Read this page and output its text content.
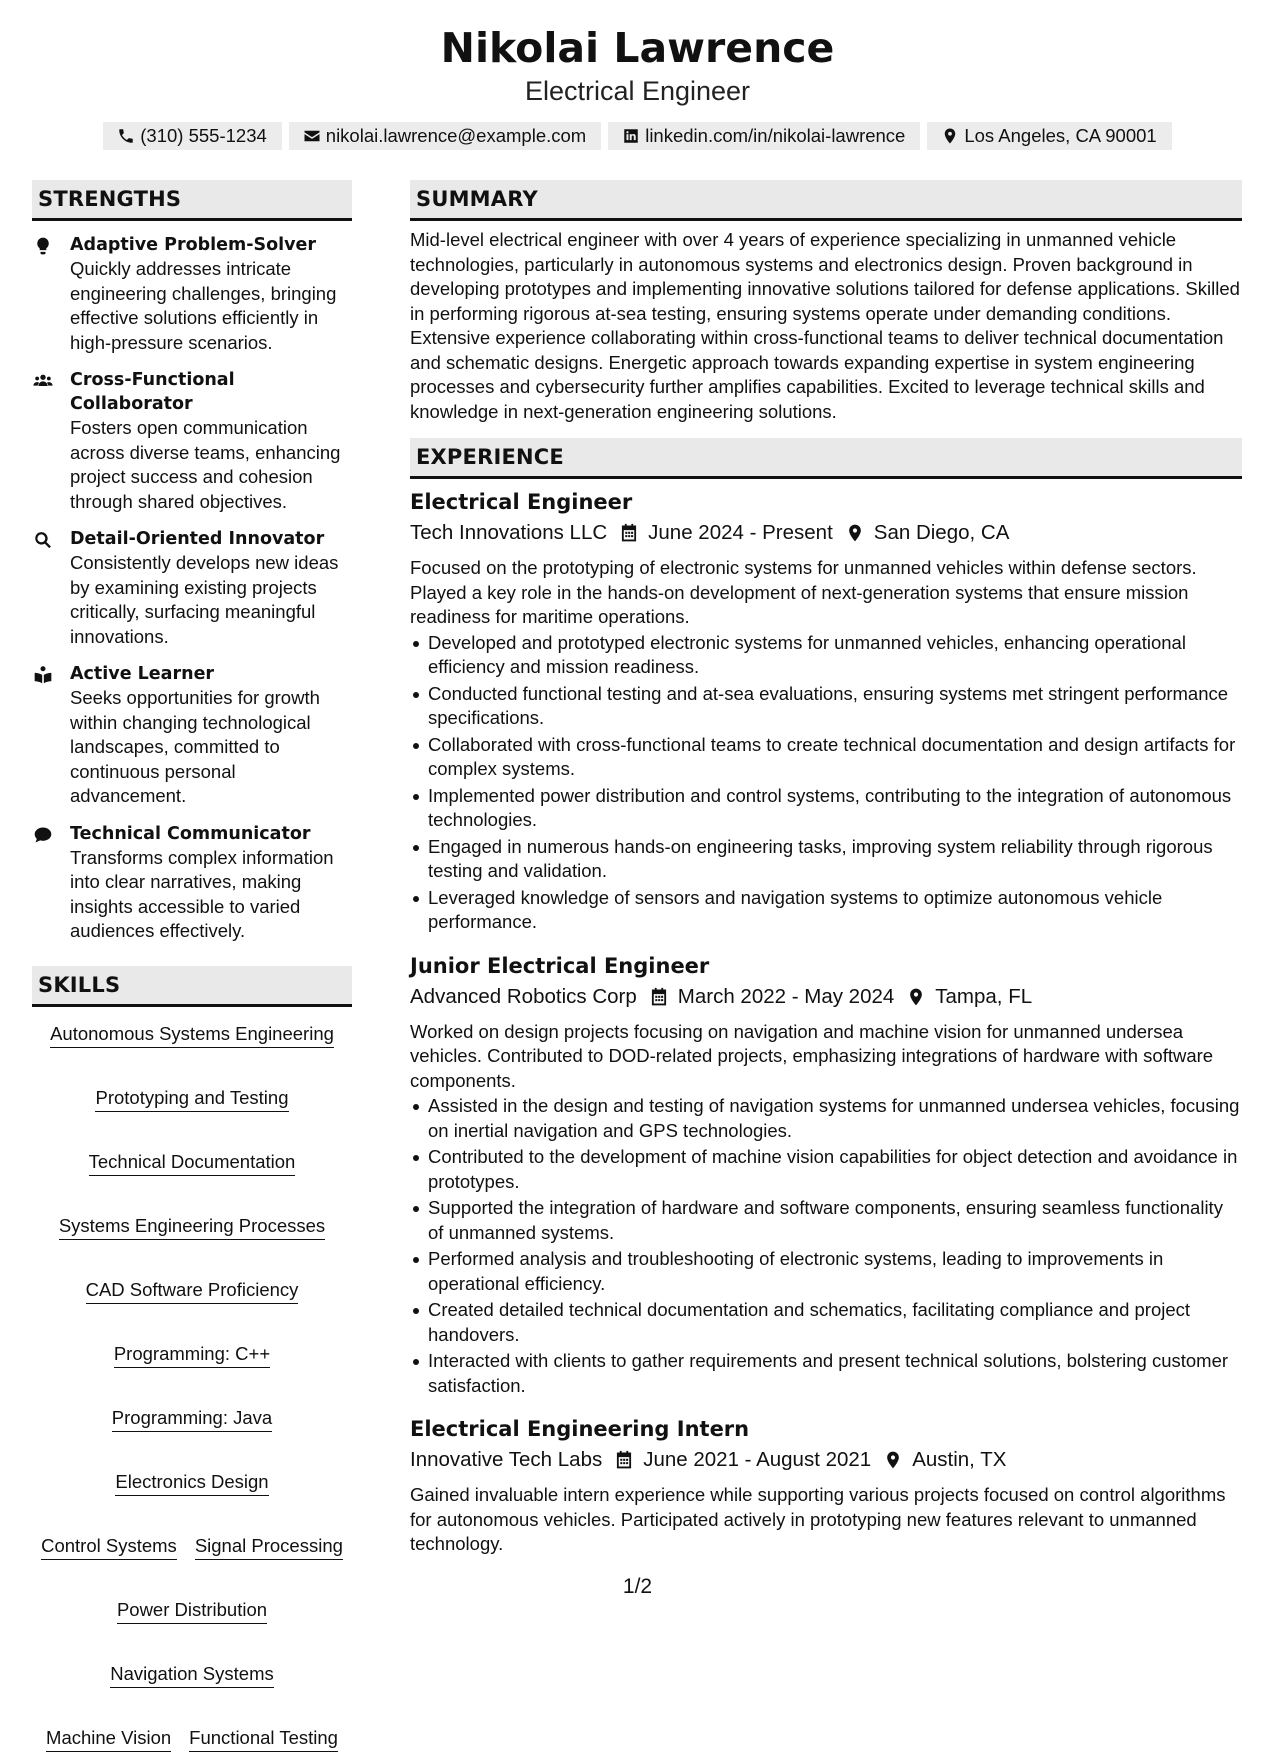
Nikolai Lawrence
Electrical Engineer
(310) 555-1234	nikolai.lawrence@example.com	linkedin.com/in/nikolai-lawrence	Los Angeles, CA 90001
STRENGTHS
Adaptive Problem-Solver
Quickly addresses intricate engineering challenges, bringing effective solutions efficiently in high-pressure scenarios.
Cross-Functional Collaborator
Fosters open communication across diverse teams, enhancing project success and cohesion through shared objectives.
Detail-Oriented Innovator
Consistently develops new ideas by examining existing projects critically, surfacing meaningful innovations.
Active Learner
Seeks opportunities for growth within changing technological landscapes, committed to continuous personal advancement.
Technical Communicator
Transforms complex information into clear narratives, making insights accessible to varied audiences effectively.
SKILLS
Autonomous Systems Engineering
Prototyping and Testing
Technical Documentation
Systems Engineering Processes
CAD Software Proficiency
Programming: C++
Programming: Java
Electronics Design
Control Systems Signal Processing
Power Distribution
Navigation Systems
Machine Vision Functional Testing
SUMMARY
Mid-level electrical engineer with over 4 years of experience specializing in unmanned vehicle technologies, particularly in autonomous systems and electronics design. Proven background in developing prototypes and implementing innovative solutions tailored for defense applications. Skilled in performing rigorous at-sea testing, ensuring systems operate under demanding conditions. Extensive experience collaborating within cross-functional teams to deliver technical documentation and schematic designs. Energetic approach towards expanding expertise in system engineering processes and cybersecurity further amplifies capabilities. Excited to leverage technical skills and knowledge in next-generation engineering solutions.
EXPERIENCE
Electrical Engineer
Tech Innovations LLC June 2024 - Present San Diego, CA
Focused on the prototyping of electronic systems for unmanned vehicles within defense sectors. Played a key role in the hands-on development of next-generation systems that ensure mission readiness for maritime operations.
Developed and prototyped electronic systems for unmanned vehicles, enhancing operational efficiency and mission readiness.
Conducted functional testing and at-sea evaluations, ensuring systems met stringent performance specifications.
Collaborated with cross-functional teams to create technical documentation and design artifacts for complex systems.
Implemented power distribution and control systems, contributing to the integration of autonomous technologies.
Engaged in numerous hands-on engineering tasks, improving system reliability through rigorous testing and validation.
Leveraged knowledge of sensors and navigation systems to optimize autonomous vehicle performance.
Junior Electrical Engineer
Advanced Robotics Corp March 2022 - May 2024 Tampa, FL
Worked on design projects focusing on navigation and machine vision for unmanned undersea vehicles. Contributed to DOD-related projects, emphasizing integrations of hardware with software components.
Assisted in the design and testing of navigation systems for unmanned undersea vehicles, focusing on inertial navigation and GPS technologies.
Contributed to the development of machine vision capabilities for object detection and avoidance in prototypes.
Supported the integration of hardware and software components, ensuring seamless functionality of unmanned systems.
Performed analysis and troubleshooting of electronic systems, leading to improvements in operational efficiency.
Created detailed technical documentation and schematics, facilitating compliance and project handovers.
Interacted with clients to gather requirements and present technical solutions, bolstering customer satisfaction.
Electrical Engineering Intern
Innovative Tech Labs June 2021 - August 2021 Austin, TX
Gained invaluable intern experience while supporting various projects focused on control algorithms for autonomous vehicles. Participated actively in prototyping new features relevant to unmanned technology.
1/2
